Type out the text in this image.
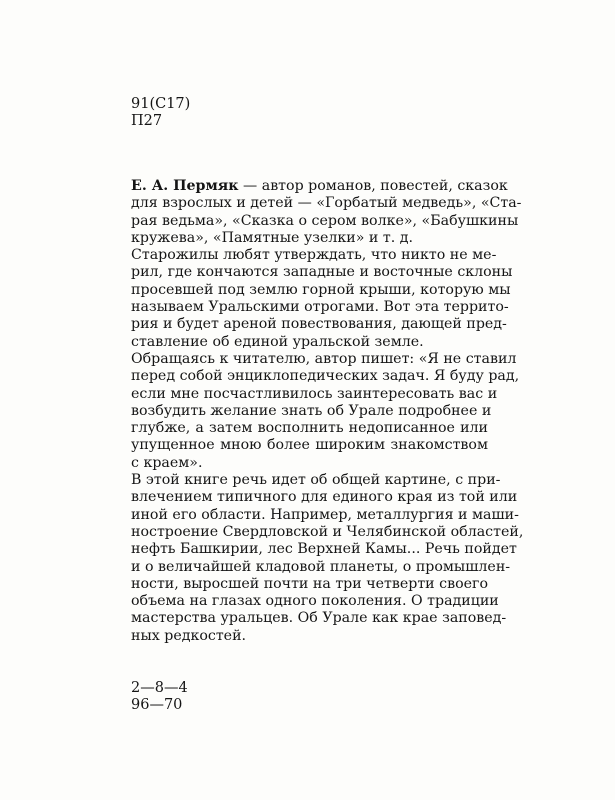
91(С17)
П27

Е. А. Пермяк — автор романов, повестей, сказок
для взрослых и детей — «Горбатый медведь», «Ста-
рая ведьма», «Сказка о сером волке», «Бабушкины
кружева», «Памятные узелки» и т. д.

Старожилы любят утверждать, что никто не ме-
рил, где кончаются западные и восточные склоны
просевшей под землю горной крыши, которую мы
называем Уральскими отрогами. Вот эта террито-
рия и будет ареной повествования, дающей пред-
ставление об единой уральской земле.

Обращаясь к читателю, автор пишет: «Я не ставил
перед собой энциклопедических задач. Я буду рад,
если мне посчастливилось заинтересовать вас и
возбудить желание знать об Урале подробнее и
глубже, а затем восполнить недописанное или
упущенное мною более широким знакомством
с краем».

В этой книге речь идет об общей картине, с при-
влечением типичного для единого края из той или
иной его области. Например, металлургия и маши-
ностроение Свердловской и Челябинской областей,
нефть Башкирии, лес Верхней Камы... Речь пойдет
и о величайшей кладовой планеты, о промышлен-
ности, выросшей почти на три четверти своего
объема на глазах одного поколения. О традиции
мастерства уральцев. Об Урале как крае заповед-
ных редкостей.

2—8—4
96—70
